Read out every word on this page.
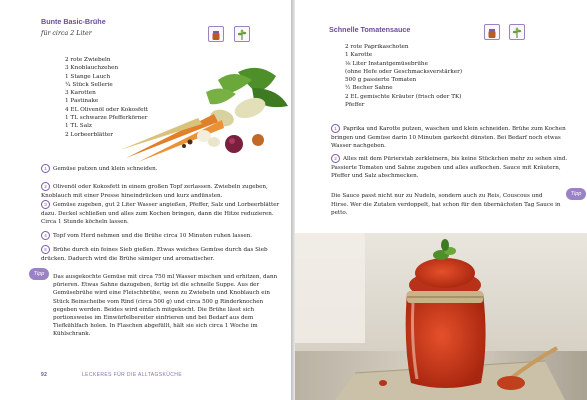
Bunte Basic-Brühe
für circa 2 Liter
2 rote Zwiebeln
3 Knoblauchzehen
1 Stange Lauch
¼ Stück Sellerie
3 Karotten
1 Pastinake
4 EL Olivenöl oder Kokosfett
1 TL schwarze Pfefferkörner
1 TL Salz
2 Lorbeerblätter
1 Gemüse putzen und klein schneiden.
2 Olivenöl oder Kokosfett in einem großen Topf zerlassen. Zwiebeln zugeben, Knoblauch mit einer Presse hineindrücken und kurz andünsten.
3 Gemüse zugeben, gut 2 Liter Wasser angießen, Pfeffer, Salz und Lorbeerblätter dazu. Deckel schließen und alles zum Kochen bringen, dann die Hitze reduzieren. Circa 1 Stunde köcheln lassen.
4 Topf vom Herd nehmen und die Brühe circa 10 Minuten ruhen lassen.
5 Brühe durch ein feines Sieb gießen. Etwas weiches Gemüse durch das Sieb drücken. Dadurch wird die Brühe sämiger und aromatischer.
Tipp	Das ausgekochte Gemüse mit circa 750 ml Wasser mischen und erhitzen, dann pürieren. Etwas Sahne dazugeben, fertig ist die schnelle Suppe. Aus der Gemüsebrühe wird eine Fleischbrühe, wenn zu Zwiebeln und Knoblauch ein Stück Beinscheibe vom Rind (circa 500 g) und circa 500 g Rinderknochen gegeben werden. Beides wird einfach mitgekocht. Die Brühe lässt sich portionsweise im Einwürfelbereiter einfrieren und bei Bedarf aus dem Tiefkühlfach holen. In Flaschen abgefüllt, hält sie sich circa 1 Woche im Kühlschrank.
92	LECKERES FÜR DIE ALLTAGSKÜCHE
Schnelle Tomatensauce
2 rote Paprikaschoten
1 Karotte
⅛ Liter Instantgemüsebrühe
(ohne Hefe oder Geschmacksverstärker)
500 g passierte Tomaten
½ Becher Sahne
2 EL gemischte Kräuter (frisch oder TK)
Pfeffer
1 Paprika und Karotte putzen, waschen und klein schneiden. Brühe zum Kochen bringen und Gemüse darin 10 Minuten garkocht dünsten. Bei Bedarf noch etwas Wasser nachgeben.
2 Alles mit dem Pürierstab zerkleinern, bis keine Stückchen mehr zu sehen sind. Passierte Tomaten und Sahne zugeben und alles aufkochen. Sauce mit Kräutern, Pfeffer und Salz abschmecken.
Die Sauce passt nicht nur zu Nudeln, sondern auch zu Reis, Couscous und Hirse. Wer die Zutaten verdoppelt, hat schon für den übernächsten Tag Sauce in petto.
Tipp
